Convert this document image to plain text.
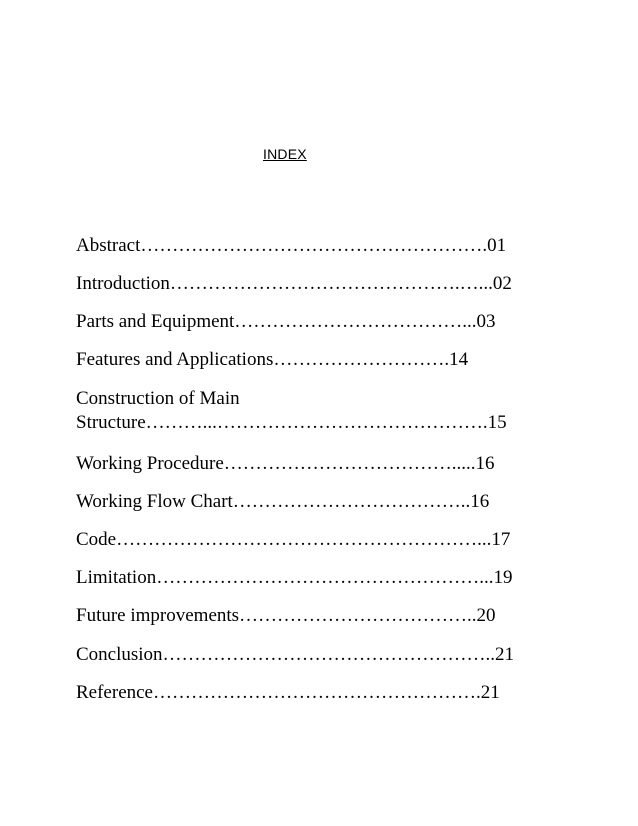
INDEX
Abstract……………………………………………….01
Introduction……………………………………….…...02
Parts and Equipment………………………………...03
Features and Applications……………………….14
Construction of Main
Structure………...…………………………………….15
Working Procedure……………………………….....16
Working Flow Chart………………………………..16
Code…………………………………………………...17
Limitation……………………………………………...19
Future improvements………………………………..20
Conclusion……………………………………………..21
Reference…………………………………………….21
